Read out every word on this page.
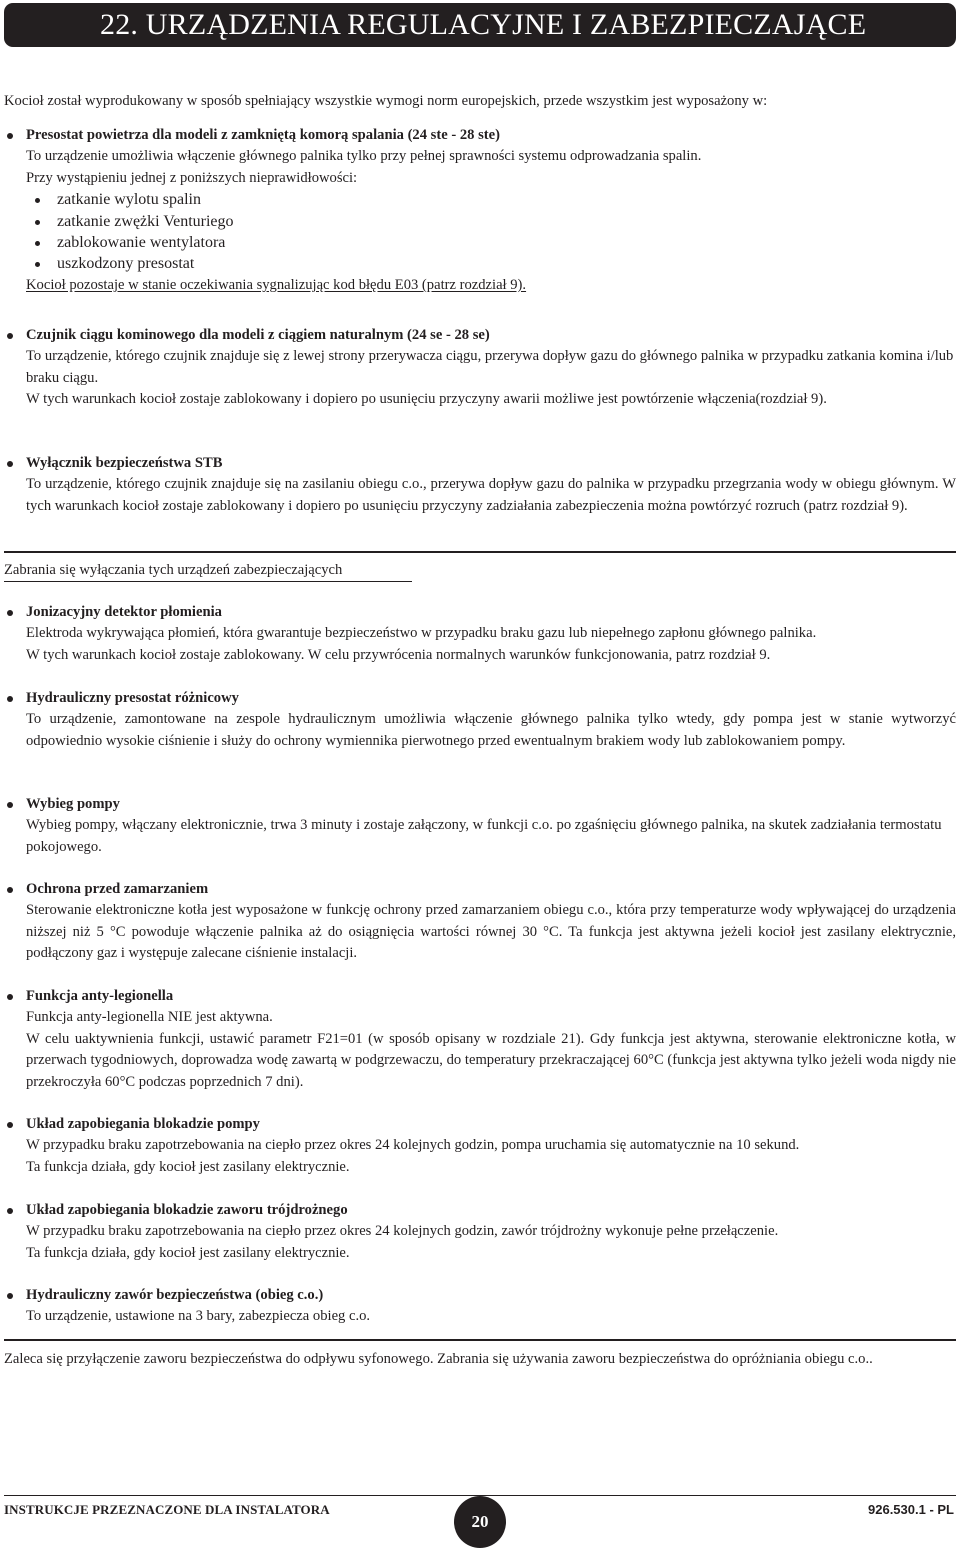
22. URZĄDZENIA REGULACYJNE I ZABEZPIECZAJĄCE
Kocioł został wyprodukowany w sposób spełniający wszystkie wymogi norm europejskich, przede wszystkim jest wyposażony w:
Presostat powietrza dla modeli z zamkniętą komorą spalania (24 ste - 28 ste)
To urządzenie umożliwia włączenie głównego palnika tylko przy pełnej sprawności systemu odprowadzania spalin.
Przy wystąpieniu jednej z poniższych nieprawidłowości:
zatkanie wylotu spalin
zatkanie zwężki Venturiego
zablokowanie wentylatora
uszkodzony presostat
Kocioł pozostaje w stanie oczekiwania sygnalizując kod błędu E03 (patrz rozdział 9).
Czujnik ciągu kominowego dla modeli z ciągiem naturalnym (24 se - 28 se)

To urządzenie, którego czujnik znajduje się z lewej strony przerywacza ciągu, przerywa dopływ gazu do głównego palnika w przypadku zatkania komina i/lub braku ciągu.

W tych warunkach kocioł zostaje zablokowany i dopiero po usunięciu przyczyny awarii możliwe jest powtórzenie włączenia(rozdział 9).

Wyłącznik bezpieczeństwa STB

To urządzenie, którego czujnik znajduje się na zasilaniu obiegu c.o., przerywa dopływ gazu do palnika w przypadku przegrzania wody w obiegu głównym. W tych warunkach kocioł zostaje zablokowany i dopiero po usunięciu przyczyny zadziałania zabezpieczenia można powtórzyć rozruch (patrz rozdział 9).

Zabrania się wyłączania tych urządzeń zabezpieczających
Jonizacyjny detektor płomienia
Elektroda wykrywająca płomień, która gwarantuje bezpieczeństwo w przypadku braku gazu lub niepełnego zapłonu głównego palnika.
W tych warunkach kocioł zostaje zablokowany. W celu przywrócenia normalnych warunków funkcjonowania, patrz rozdział 9.
Hydrauliczny presostat różnicowy

To urządzenie, zamontowane na zespole hydraulicznym umożliwia włączenie głównego palnika tylko wtedy, gdy pompa jest w stanie wytworzyć odpowiednio wysokie ciśnienie i służy do ochrony wymiennika pierwotnego przed ewentualnym brakiem wody lub zablokowaniem pompy.

Wybieg pompy

Wybieg pompy, włączany elektronicznie, trwa 3 minuty i zostaje załączony, w funkcji c.o. po zgaśnięciu głównego palnika, na skutek zadziałania termostatu pokojowego.

Ochrona przed zamarzaniem

Sterowanie elektroniczne kotła jest wyposażone w funkcję ochrony przed zamarzaniem obiegu c.o., która przy temperaturze wody wpływającej do urządzenia niższej niż 5 °C powoduje włączenie palnika aż do osiągnięcia wartości równej 30 °C. Ta funkcja jest aktywna jeżeli kocioł jest zasilany elektrycznie, podłączony gaz i występuje zalecane ciśnienie instalacji.

Funkcja anty-legionella
Funkcja anty-legionella NIE jest aktywna.

W celu uaktywnienia funkcji, ustawić parametr F21=01 (w sposób opisany w rozdziale 21). Gdy funkcja jest aktywna, sterowanie elektroniczne kotła, w przerwach tygodniowych, doprowadza wodę zawartą w podgrzewaczu, do temperatury przekraczającej 60°C (funkcja jest aktywna tylko jeżeli woda nigdy nie przekroczyła 60°C podczas poprzednich 7 dni).

Układ zapobiegania blokadzie pompy
W przypadku braku zapotrzebowania na ciepło przez okres 24 kolejnych godzin, pompa uruchamia się automatycznie na 10 sekund.
Ta funkcja działa, gdy kocioł jest zasilany elektrycznie.
Układ zapobiegania blokadzie zaworu trójdrożnego
W przypadku braku zapotrzebowania na ciepło przez okres 24 kolejnych godzin, zawór trójdrożny wykonuje pełne przełączenie.
Ta funkcja działa, gdy kocioł jest zasilany elektrycznie.
Hydrauliczny zawór bezpieczeństwa (obieg c.o.)
To urządzenie, ustawione na 3 bary, zabezpiecza obieg c.o.
Zaleca się przyłączenie zaworu bezpieczeństwa do odpływu syfonowego. Zabrania się używania zaworu bezpieczeństwa do opróżniania obiegu c.o..
INSTRUKCJE PRZEZNACZONE DLA INSTALATORA
20
926.530.1 - PL
